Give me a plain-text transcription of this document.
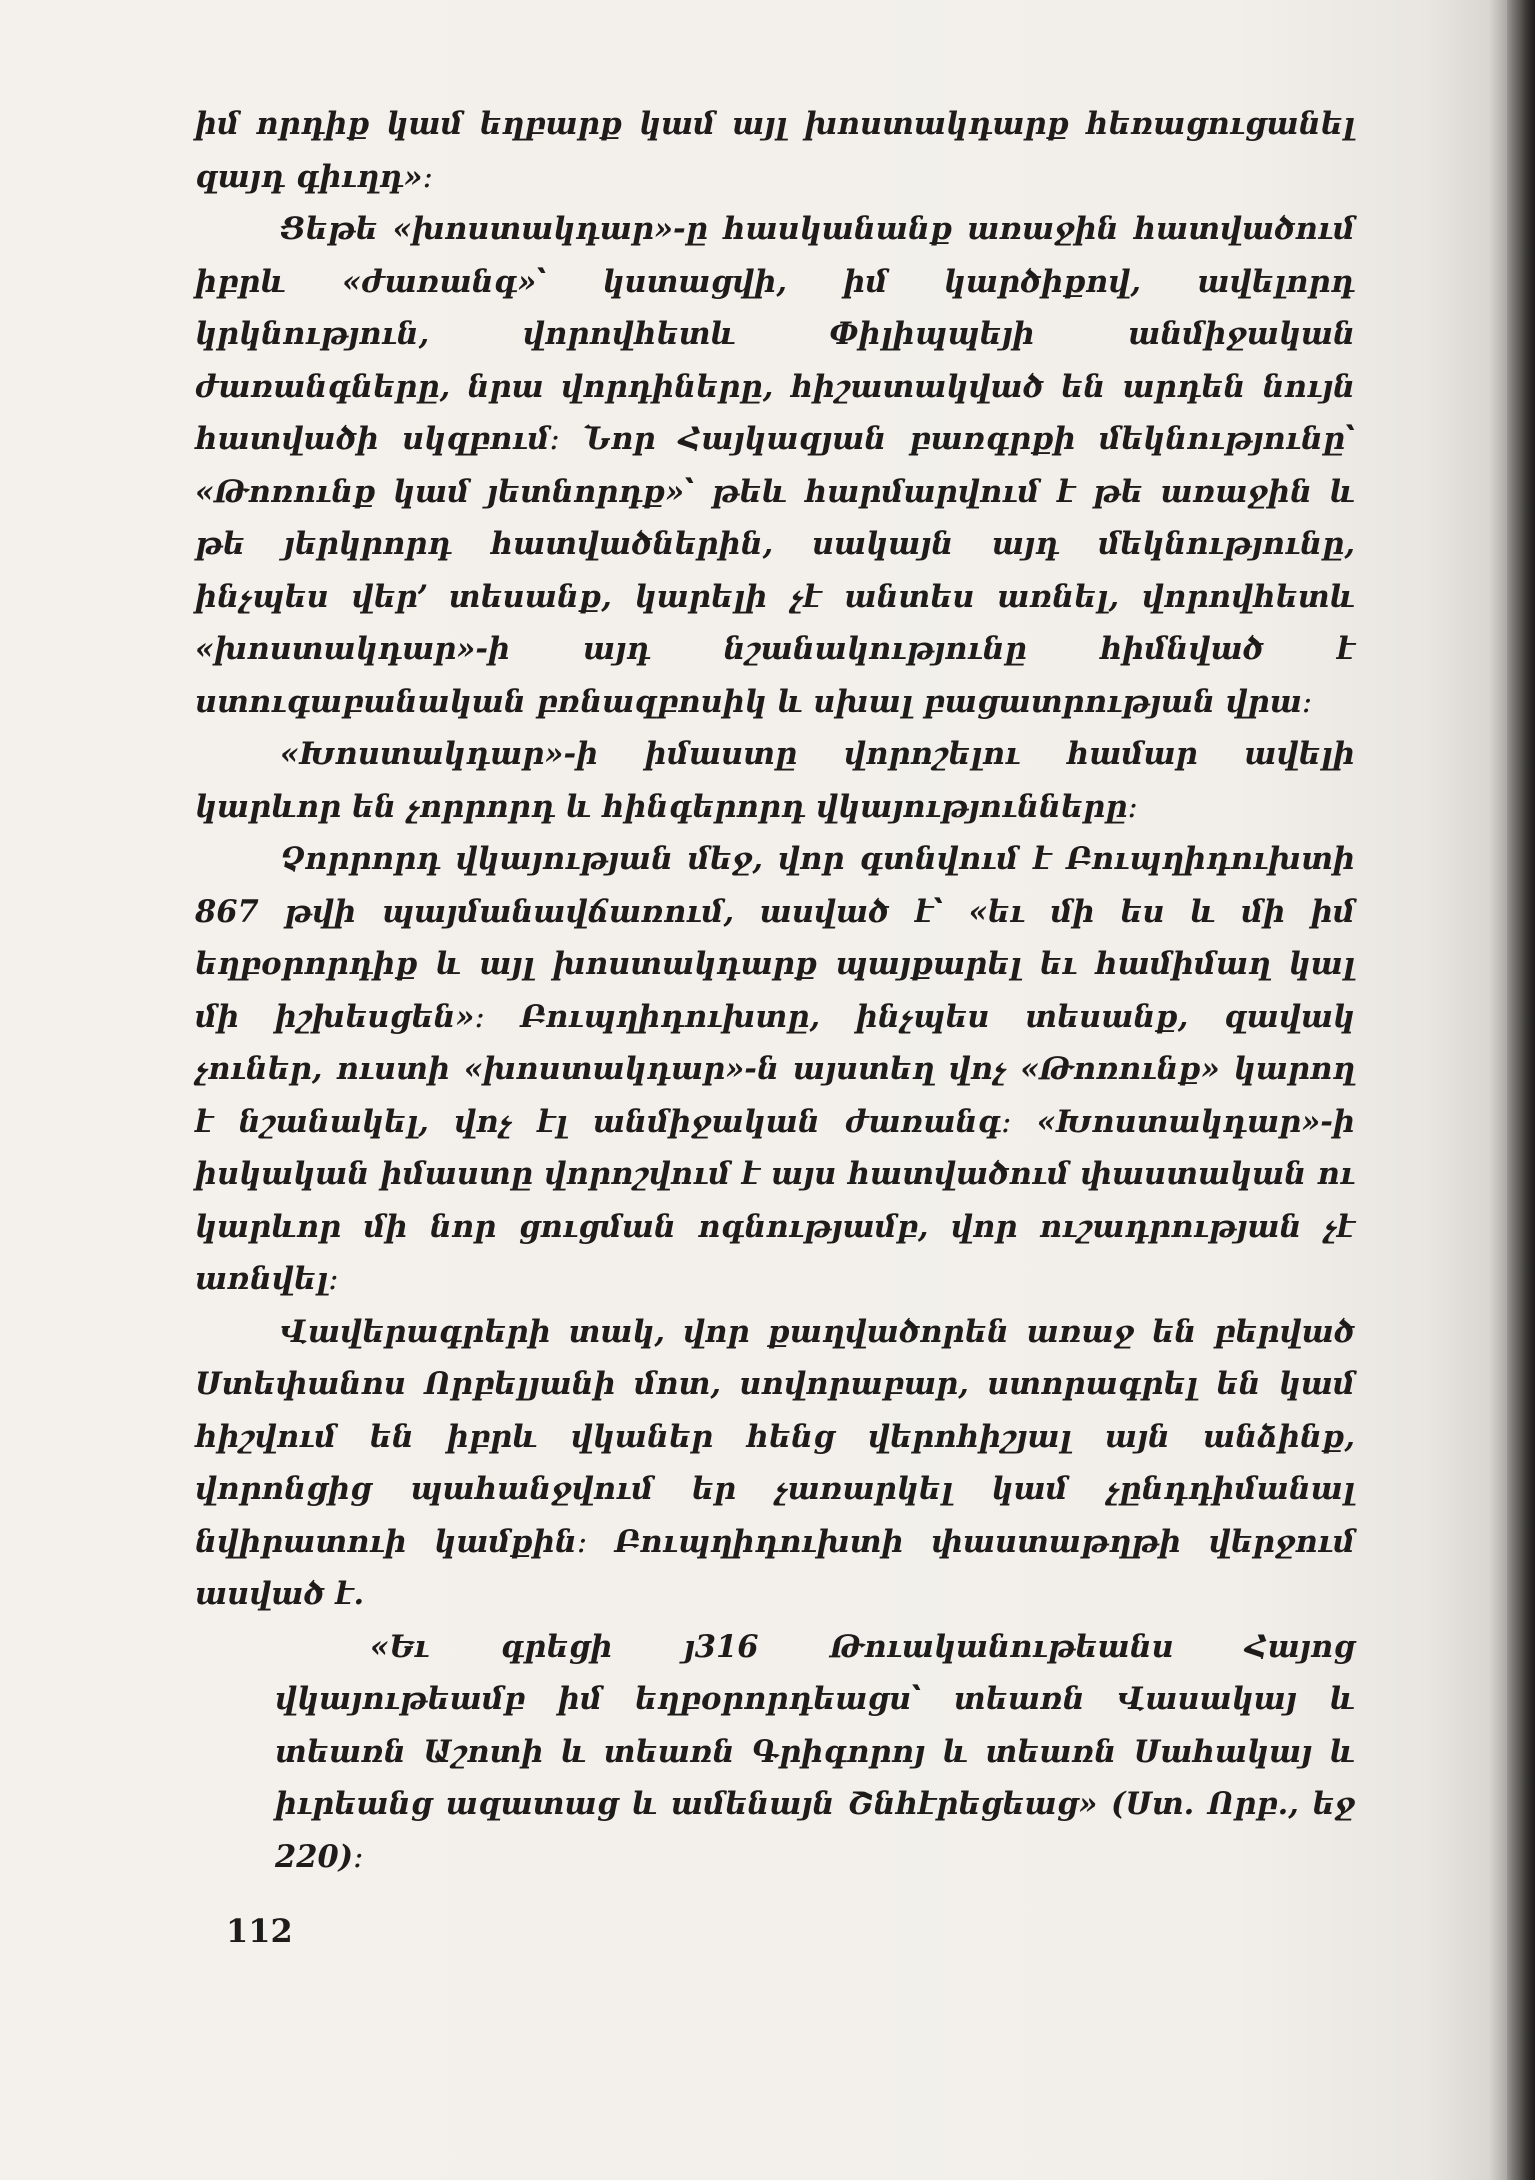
իմ որդիք կամ եղբարք կամ այլ խոստակդարք հեռացուցանել զայդ գիւղդ»։

Ցեթե «խոստակդար»-ը հասկանանք առաջին հատվածում իբրև «ժառանգ»՝ կստացվի, իմ կարծիքով, ավելորդ կրկնություն, վորովհետև Փիլիպպեյի անմիջական ժառանգները, նրա վորդիները, հիշատակված են արդեն նույն հատվածի սկզբում։ Նոր Հայկազյան բառգրքի մեկնությունը՝ «Թոռունք կամ յետնորդք»՝ թեև հարմարվում է թե առաջին և թե յերկրորդ հատվածներին, սակայն այդ մեկնությունը, ինչպես վեր՚ տեսանք, կարելի չէ անտես առնել, վորովհետև «խոստակդար»-ի այդ նշանակությունը հիմնված է ստուգաբանական բռնազբոսիկ և սխալ բացատրության վրա։

«Խոստակդար»-ի իմաստը վորոշելու համար ավելի կարևոր են չորրորդ և հինգերորդ վկայությունները։

Չորրորդ վկայության մեջ, վոր գտնվում է Բուպղիդուխտի 867 թվի պայմանավճառում, ասված է՝ «եւ մի ես և մի իմ եղբօրորդիք և այլ խոստակդարք պայքարել եւ համիմաղ կալ մի իշխեսցեն»։ Բուպղիդուխտը, ինչպես տեսանք, զավակ չուներ, ուստի «խոստակդար»-ն այստեղ վոչ «Թոռունք» կարող է նշանակել, վոչ էլ անմիջական ժառանգ։ «Խոստակդար»-ի իսկական իմաստը վորոշվում է այս հատվածում փաստական ու կարևոր մի նոր ցուցման ոգնությամբ, վոր ուշադրության չէ առնվել։

Վավերագրերի տակ, վոր քաղվածորեն առաջ են բերված Ստեփանոս Որբելյանի մոտ, սովորաբար, ստորագրել են կամ հիշվում են իբրև վկաներ հենց վերոհիշյալ այն անձինք, վորոնցից պահանջվում եր չառարկել կամ չընդդիմանալ նվիրատուի կամքին։ Բուպղիդուխտի փաստաթղթի վերջում ասված է․

«Եւ գրեցի յ316 Թուականութեանս Հայոց վկայութեամբ իմ եղբօրորդեացս՝ տեառն Վասակայ և տեառն Աշոտի և տեառն Գրիգորոյ և տեառն Սահակայ և իւրեանց ազատաց և ամենայն Շնհէրեցեաց» (Ստ. Որբ., եջ 220)։

112
